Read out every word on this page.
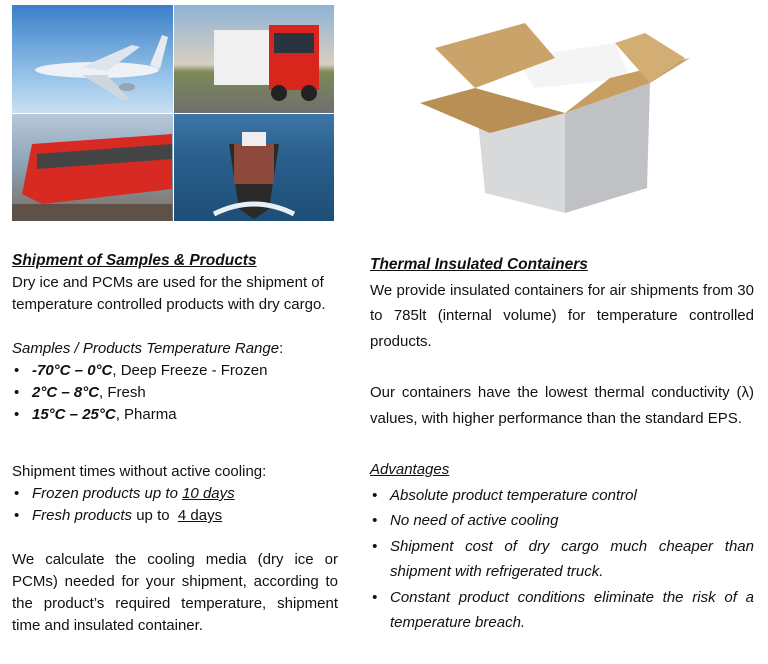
Shipment of Samples & Products

Dry ice and PCMs are used for the shipment of temperature controlled products with dry cargo.

Samples / Products Temperature Range:

• -70°C – 0°C, Deep Freeze - Frozen
• 2°C – 8°C, Fresh
• 15°C – 25°C, Pharma

Shipment times without active cooling:

• Frozen products up to 10 days
• Fresh products up to  4 days

We calculate the cooling media (dry ice or PCMs) needed for your shipment, according to the product’s required temperature, shipment time and insulated container.

Thermal Insulated Containers

We provide insulated containers for air shipments from 30 to 785lt (internal volume) for temperature controlled products.

Our containers have the lowest thermal conductivity (λ) values, with higher performance than the standard EPS.

Advantages

• Absolute product temperature control
• No need of active cooling
• Shipment cost of dry cargo much cheaper than shipment with refrigerated truck.
• Constant product conditions eliminate the risk of a temperature breach.
